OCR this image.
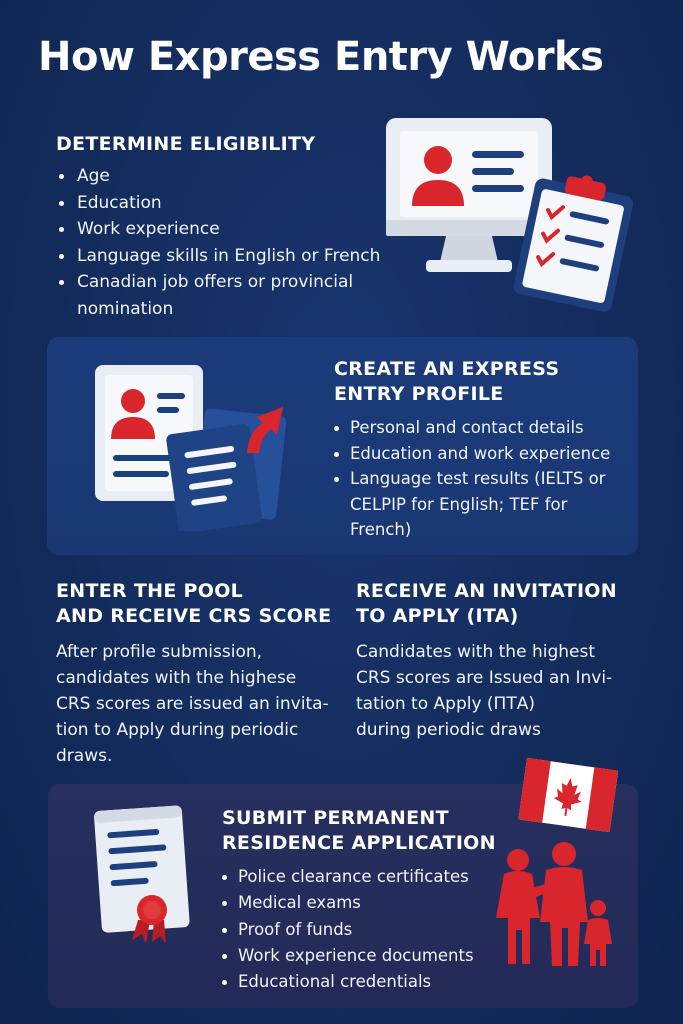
How Express Entry Works
DETERMINE ELIGIBILITY
Age
Education
Work experience
Language skills in English or French
Canadian job offers or provincial nomination
CREATE AN EXPRESS
ENTRY PROFILE
Personal and contact details
Education and work experience
Language test results (IELTS or CELPIP for English; TEF for French)
ENTER THE POOL
AND RECEIVE CRS SCORE

After profile submission,
candidates with the highese
CRS scores are issued an invita-
tion to Apply during periodic
draws.

RECEIVE AN INVITATION
TO APPLY (ITA)

Candidates with the highest
CRS scores are Issued an Invi-
tation to Apply (ПТА)
during periodic draws

SUBMIT PERMANENT
RESIDENCE APPLICATION
Police clearance certificates
Medical exams
Proof of funds
Work experience documents
Educational credentials
